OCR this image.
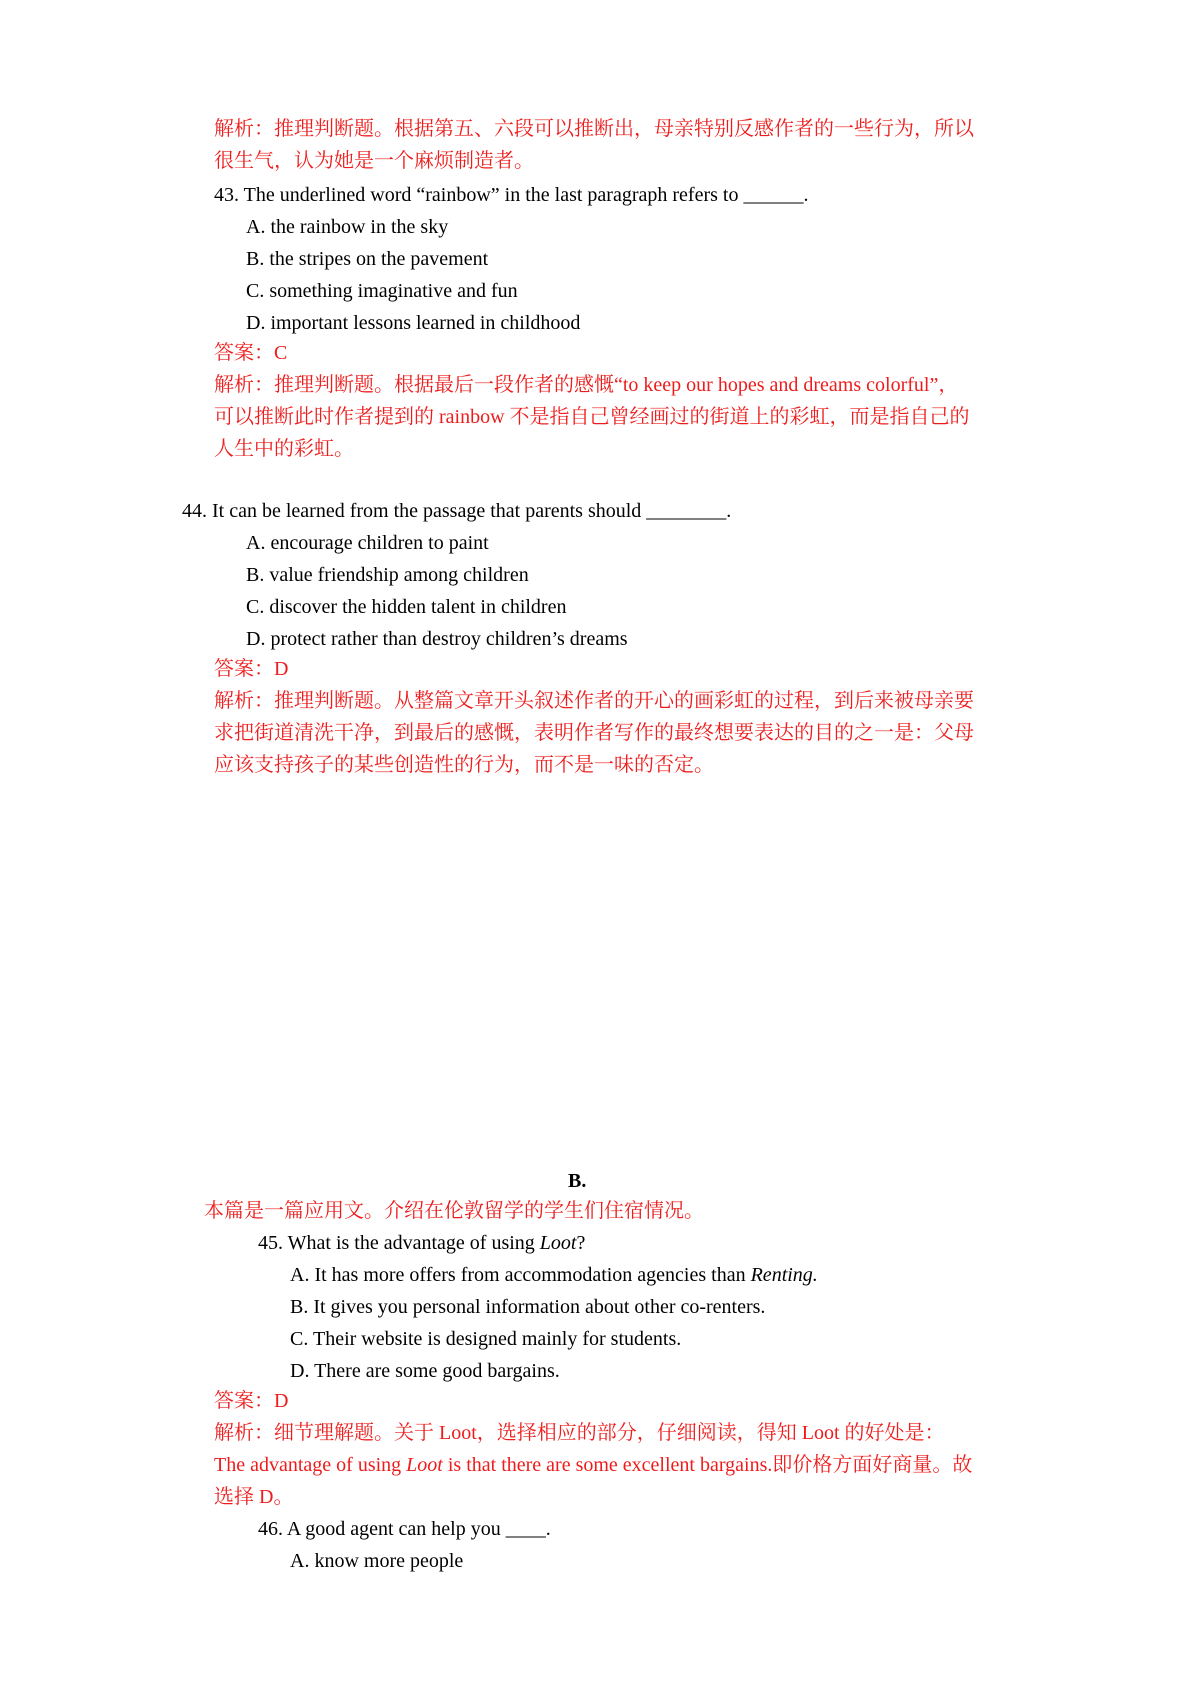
解析：推理判断题。根据第五、六段可以推断出，母亲特别反感作者的一些行为，所以
很生气，认为她是一个麻烦制造者。
43. The underlined word “rainbow” in the last paragraph refers to ______.
A. the rainbow in the sky
B. the stripes on the pavement
C. something imaginative and fun
D. important lessons learned in childhood
答案：C
解析：推理判断题。根据最后一段作者的感慨“to keep our hopes and dreams colorful”，
可以推断此时作者提到的 rainbow 不是指自己曾经画过的街道上的彩虹，而是指自己的
人生中的彩虹。
44. It can be learned from the passage that parents should ________.
A. encourage children to paint
B. value friendship among children
C. discover the hidden talent in children
D. protect rather than destroy children’s dreams
答案：D
解析：推理判断题。从整篇文章开头叙述作者的开心的画彩虹的过程，到后来被母亲要
求把街道清洗干净，到最后的感慨，表明作者写作的最终想要表达的目的之一是：父母
应该支持孩子的某些创造性的行为，而不是一味的否定。
B.
本篇是一篇应用文。介绍在伦敦留学的学生们住宿情况。
45. What is the advantage of using Loot?
A. It has more offers from accommodation agencies than Renting.
B. It gives you personal information about other co-renters.
C. Their website is designed mainly for students.
D. There are some good bargains.
答案：D
解析：细节理解题。关于 Loot，选择相应的部分，仔细阅读，得知 Loot 的好处是：
The advantage of using Loot is that there are some excellent bargains.即价格方面好商量。故
选择 D。
46. A good agent can help you ____.
A. know more people
